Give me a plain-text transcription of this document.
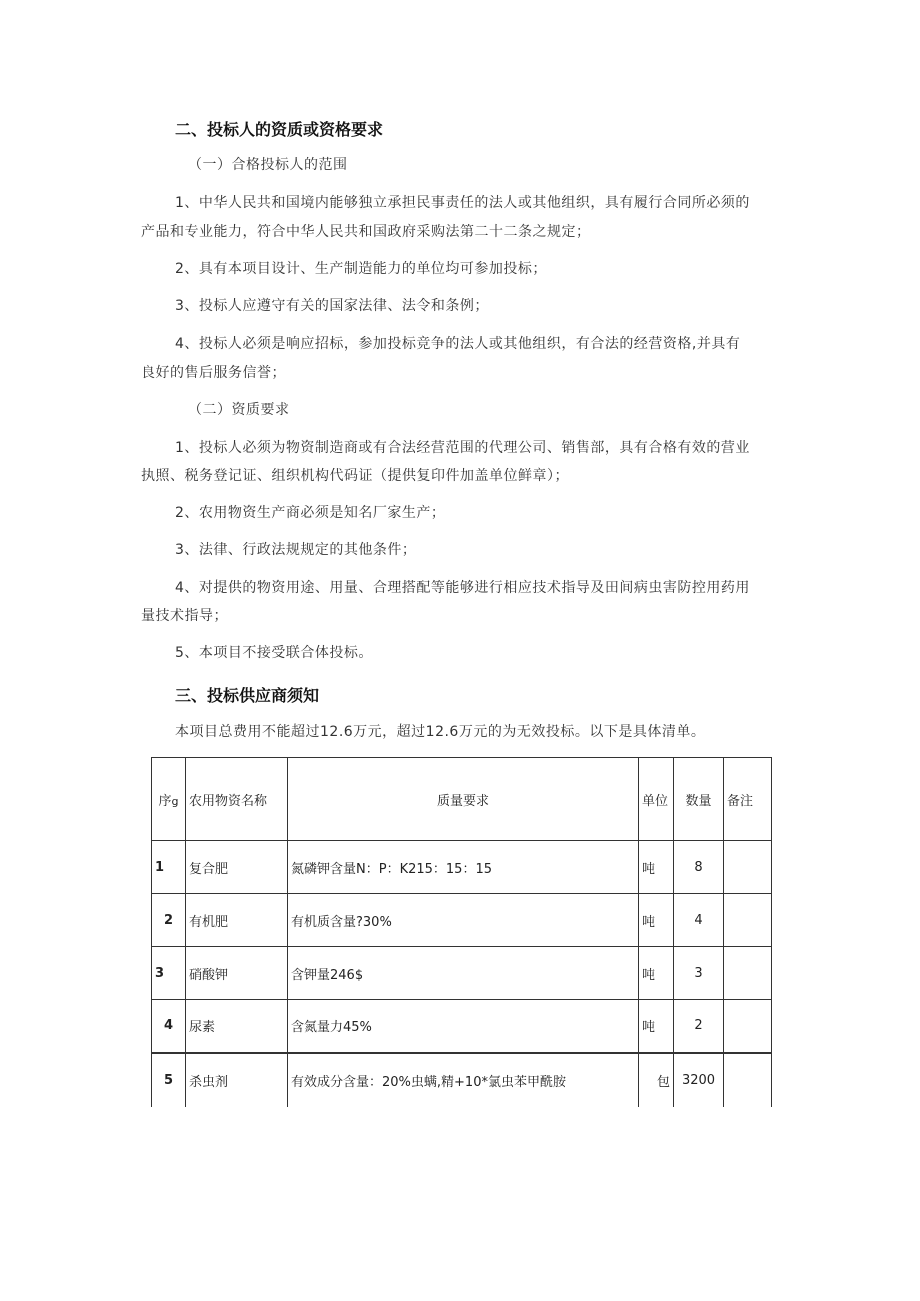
二、投标人的资质或资格要求
（一）合格投标人的范围
1、中华人民共和国境内能够独立承担民事责任的法人或其他组织，具有履行合同所必须的
产品和专业能力，符合中华人民共和国政府采购法第二十二条之规定；
2、具有本项目设计、生产制造能力的单位均可参加投标；
3、投标人应遵守有关的国家法律、法令和条例；
4、投标人必须是响应招标，参加投标竞争的法人或其他组织，有合法的经营资格,并具有
良好的售后服务信誉；
（二）资质要求
1、投标人必须为物资制造商或有合法经营范围的代理公司、销售部，具有合格有效的营业
执照、税务登记证、组织机构代码证（提供复印件加盖单位鲜章）；
2、农用物资生产商必须是知名厂家生产；
3、法律、行政法规规定的其他条件；
4、对提供的物资用途、用量、合理搭配等能够进行相应技术指导及田间病虫害防控用药用
量技术指导；
5、本项目不接受联合体投标。
三、投标供应商须知
本项目总费用不能超过12.6万元，超过12.6万元的为无效投标。以下是具体清单。
序g	农用物资名称	质量要求	单位	数量	备注
1	复合肥	氮磷钾含量N：P：K215：15：15	吨	8	
2	有机肥	有机质含量?30%	吨	4	
3	硝酸钾	含钾量246$	吨	3	
4	尿素	含氮量力45%	吨	2	
5	杀虫剂	有效成分含量：20%虫螨,精+10*氯虫苯甲酰胺	包	3200	
